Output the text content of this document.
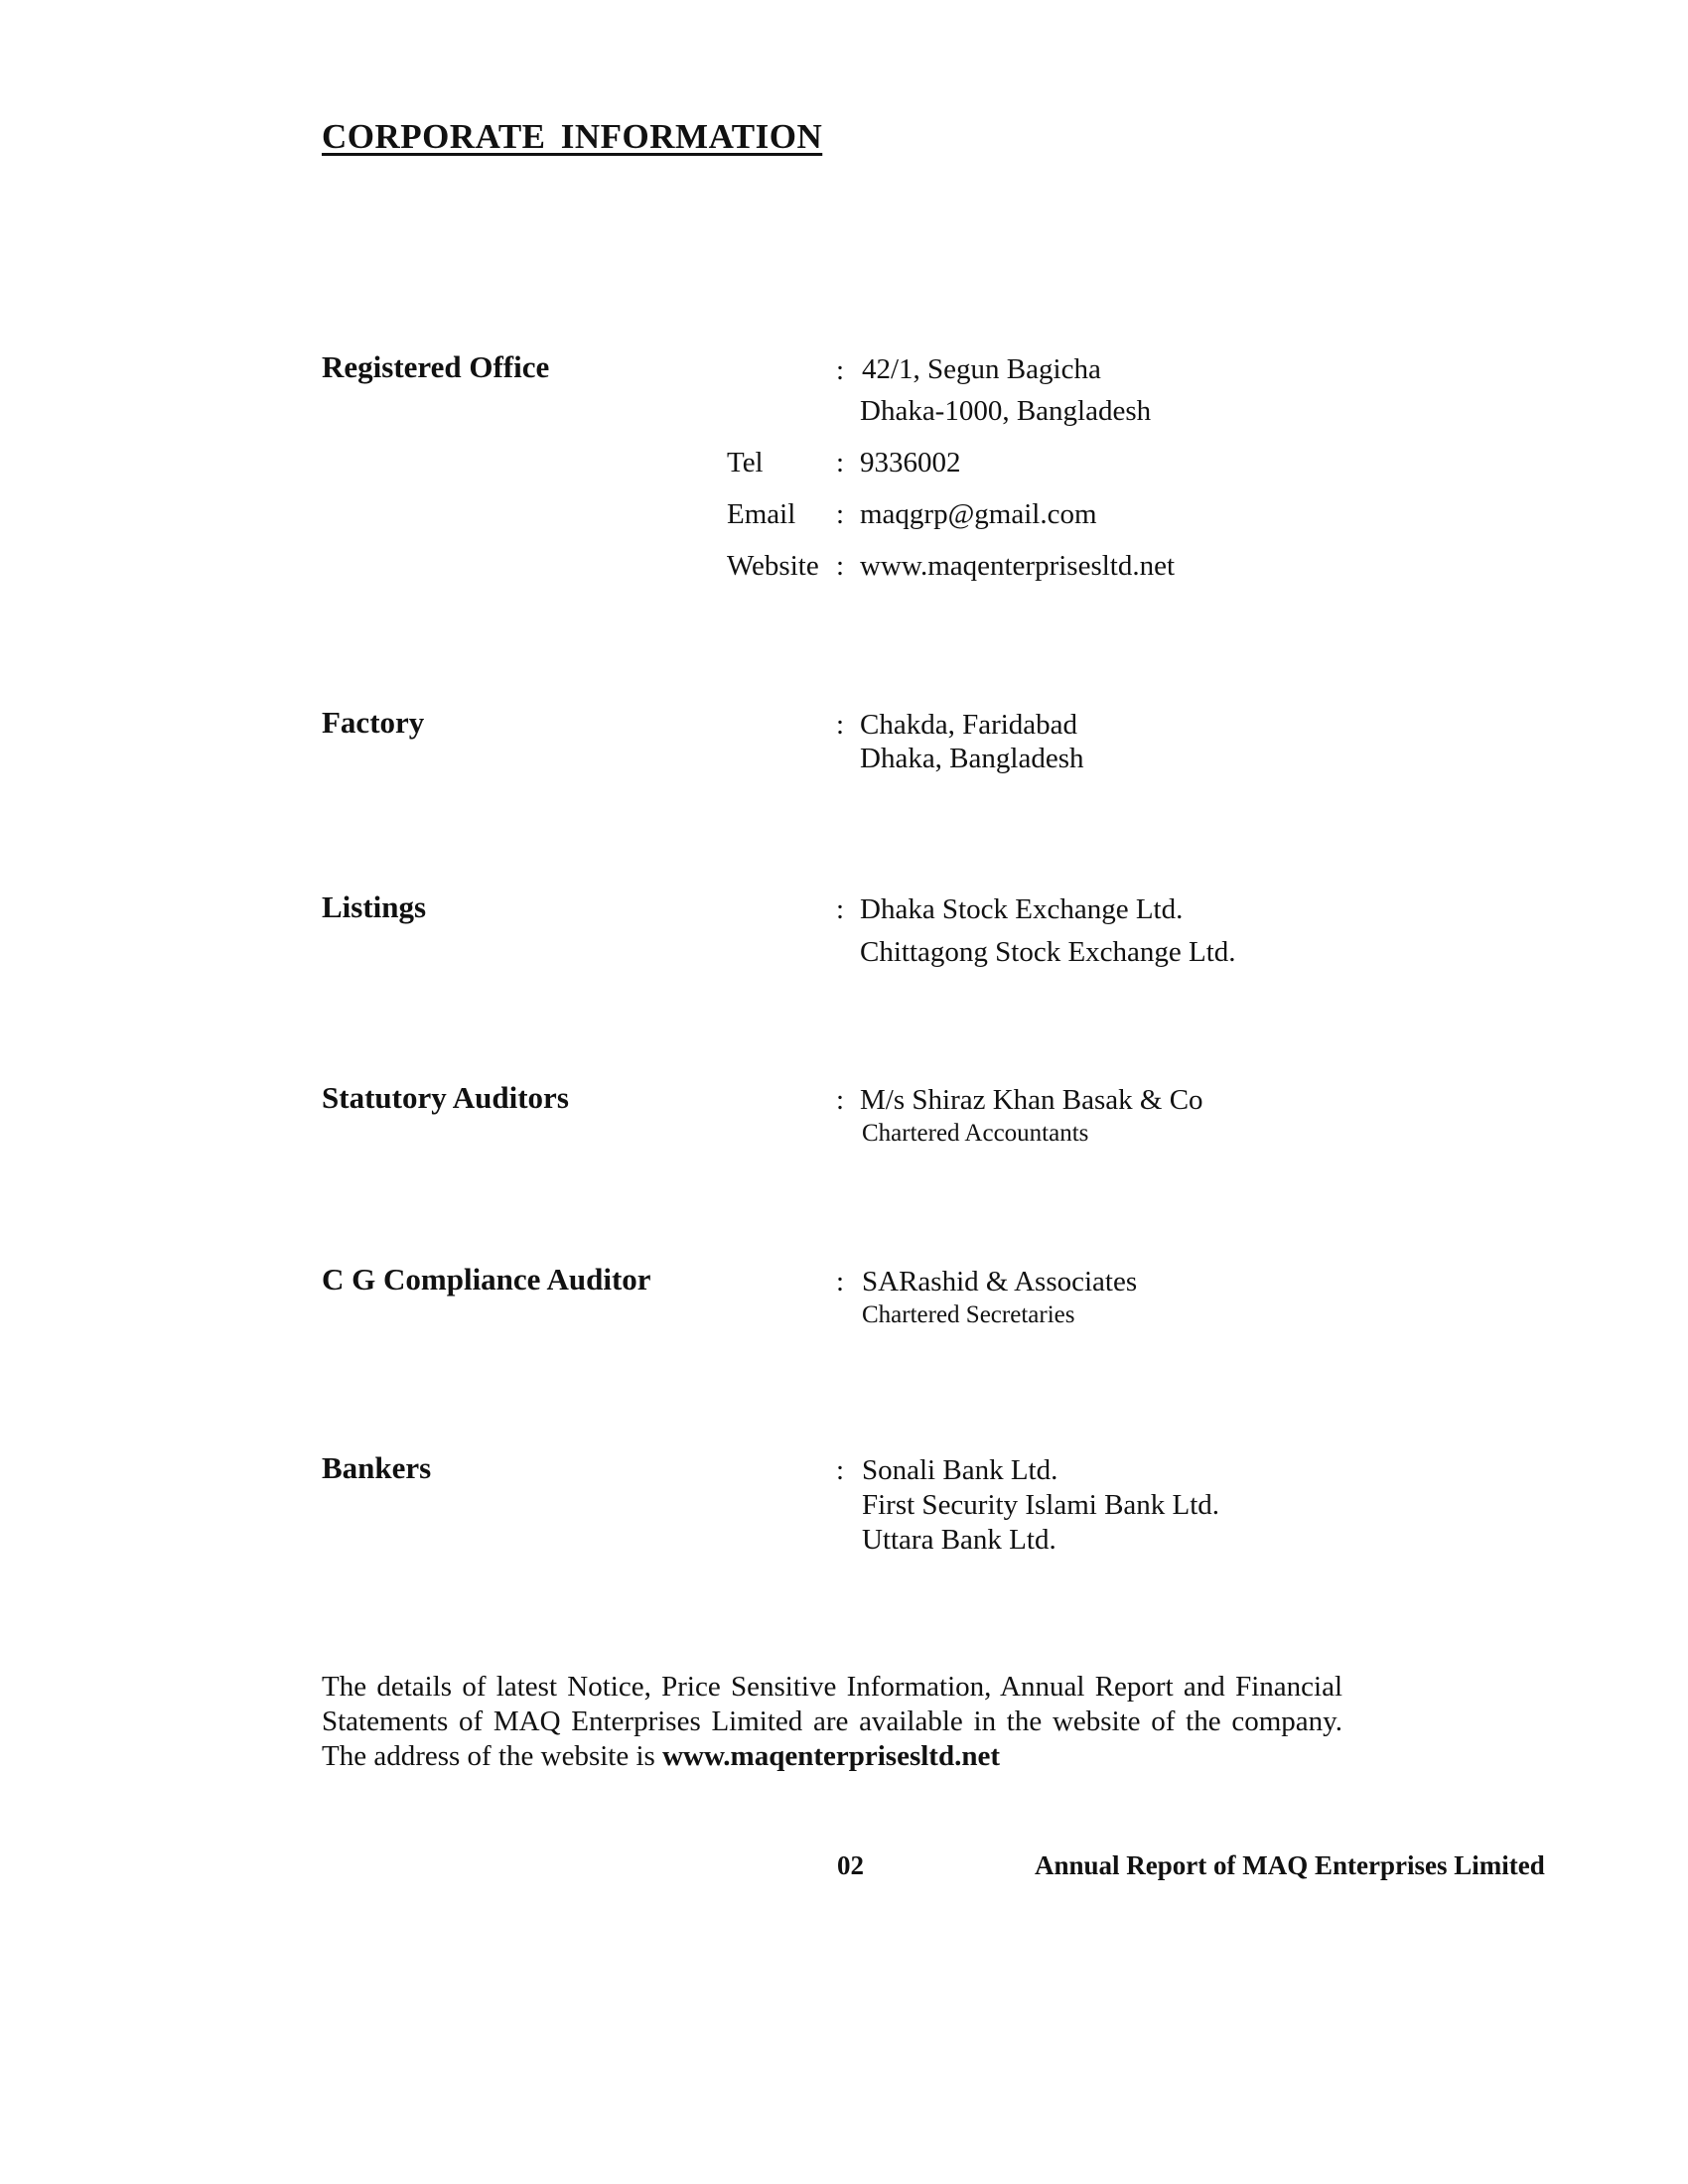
CORPORATE INFORMATION
Registered Office	: 42/1, Segun Bagicha
Dhaka-1000, Bangladesh
Tel	: 9336002
Email : maqgrp@gmail.com
Website : www.maqenterprisesltd.net
Factory	: Chakda, Faridabad
Dhaka, Bangladesh
Listings	: Dhaka Stock Exchange Ltd.
Chittagong Stock Exchange Ltd.
Statutory Auditors	: M/s Shiraz Khan Basak & Co
Chartered Accountants
C G Compliance Auditor	: SARashid & Associates
Chartered Secretaries
Bankers	: Sonali Bank Ltd.
First Security Islami Bank Ltd.
Uttara Bank Ltd.

The details of latest Notice, Price Sensitive Information, Annual Report and Financial Statements of MAQ Enterprises Limited are available in the website of the company. The address of the website is www.maqenterprisesltd.net

02	Annual Report of MAQ Enterprises Limited
